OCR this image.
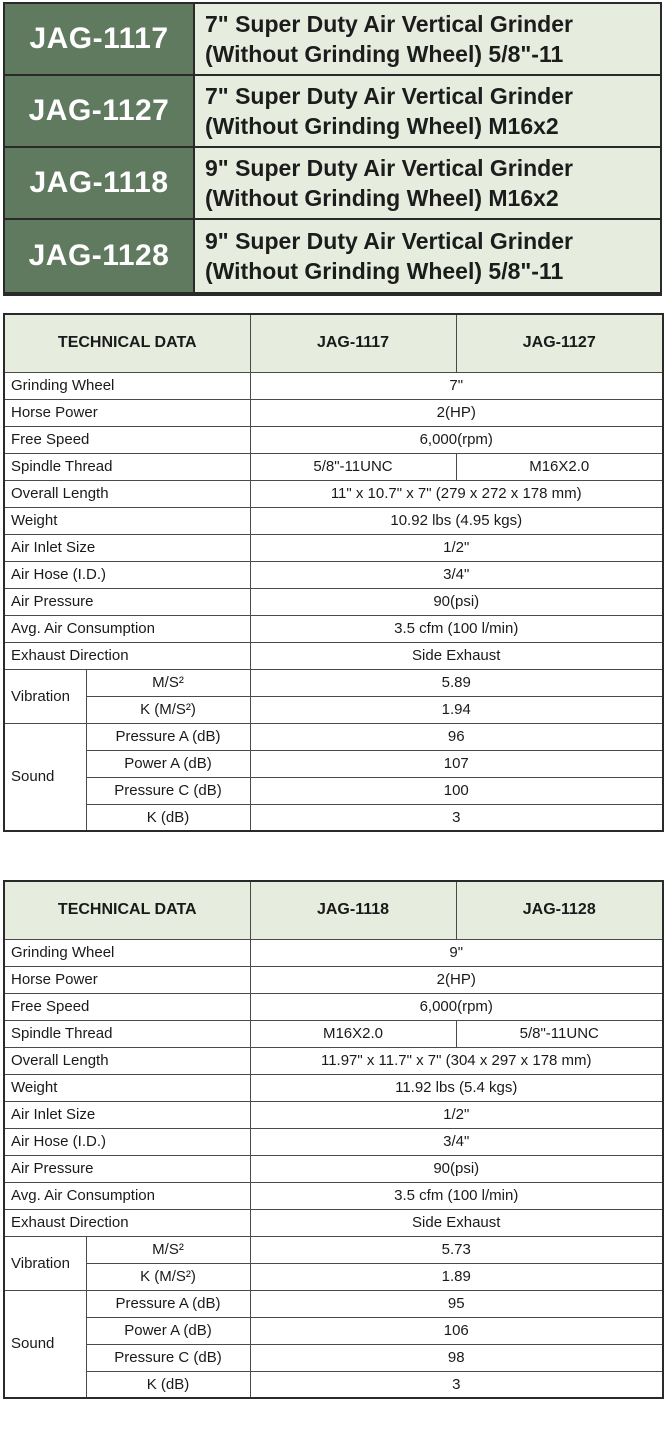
JAG-1117	7" Super Duty Air Vertical Grinder
(Without Grinding Wheel) 5/8"-11
JAG-1127	7" Super Duty Air Vertical Grinder
(Without Grinding Wheel) M16x2
JAG-1118	9" Super Duty Air Vertical Grinder
(Without Grinding Wheel) M16x2
JAG-1128	9" Super Duty Air Vertical Grinder
(Without Grinding Wheel) 5/8"-11
TECHNICAL DATA		JAG-1117	JAG-1127
Grinding Wheel		7"	
Horse Power		2(HP)	
Free Speed		6,000(rpm)	
Spindle Thread		5/8"-11UNC	M16X2.0
Overall Length		11" x 10.7" x 7" (279 x 272 x 178 mm)	
Weight		10.92 lbs (4.95 kgs)	
Air Inlet Size		1/2"	
Air Hose (I.D.)		3/4"	
Air Pressure		90(psi)	
Avg. Air Consumption		3.5 cfm (100 l/min)	
Exhaust Direction		Side Exhaust	
Vibration	M/S²	5.89	
	K (M/S²)	1.94	
Sound	Pressure A (dB)	96	
	Power A (dB)	107	
	Pressure C (dB)	100	
	K (dB)	3	
TECHNICAL DATA		JAG-1118	JAG-1128
Grinding Wheel		9"	
Horse Power		2(HP)	
Free Speed		6,000(rpm)	
Spindle Thread		M16X2.0	5/8"-11UNC
Overall Length		11.97" x 11.7" x 7" (304 x 297 x 178 mm)	
Weight		11.92 lbs (5.4 kgs)	
Air Inlet Size		1/2"	
Air Hose (I.D.)		3/4"	
Air Pressure		90(psi)	
Avg. Air Consumption		3.5 cfm (100 l/min)	
Exhaust Direction		Side Exhaust	
Vibration	M/S²	5.73	
	K (M/S²)	1.89	
Sound	Pressure A (dB)	95	
	Power A (dB)	106	
	Pressure C (dB)	98	
	K (dB)	3	
